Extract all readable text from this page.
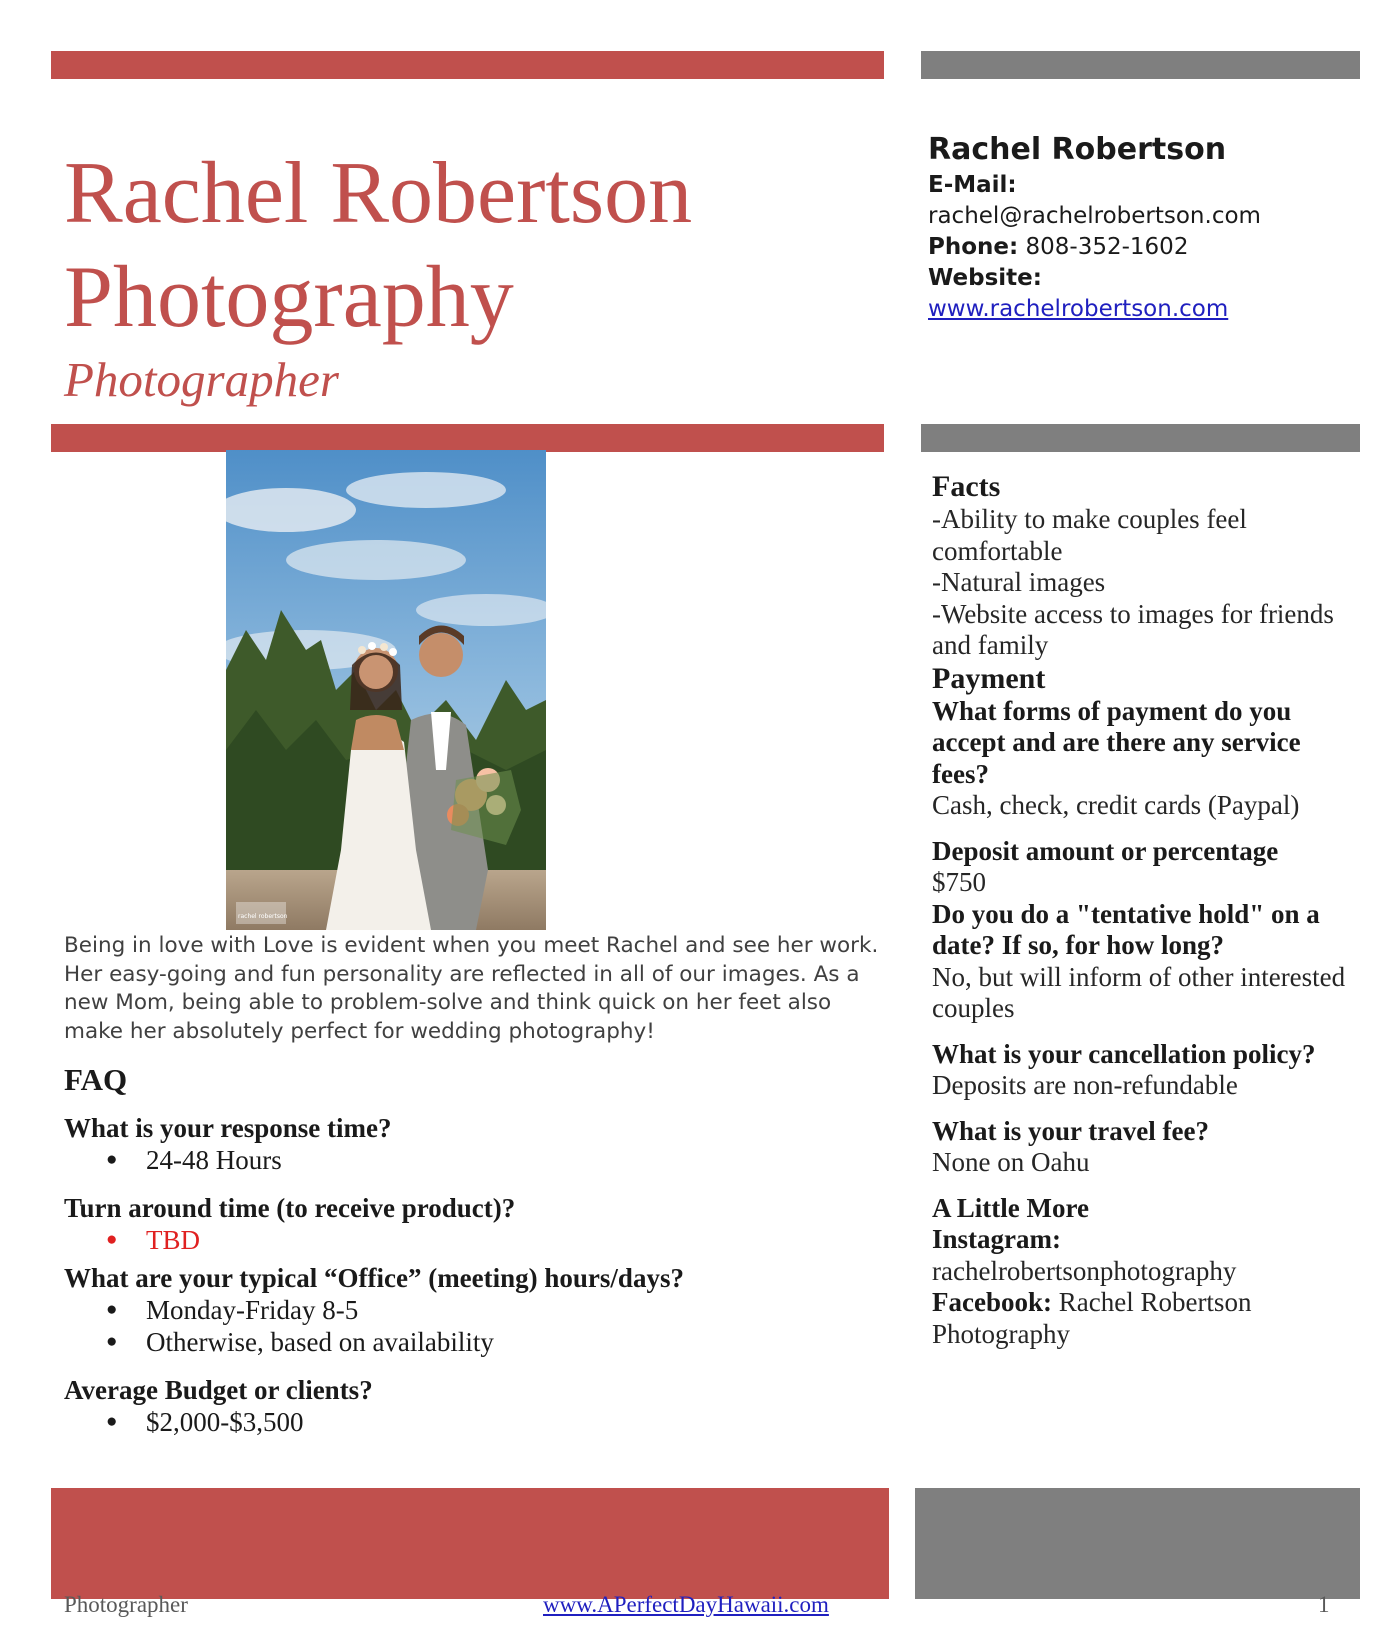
Rachel Robertson
Photography
Photographer
Rachel Robertson
E-Mail:
rachel@rachelrobertson.com
Phone: 808-352-1602
Website:
www.rachelrobertson.com
rachel robertson

Being in love with Love is evident when you meet Rachel and see her work. Her easy-going and fun personality are reflected in all of our images. As a new Mom, being able to problem-solve and think quick on her feet also make her absolutely perfect for wedding photography!

FAQ

What is your response time?

● 24-48 Hours

Turn around time (to receive product)?

● TBD

What are your typical “Office” (meeting) hours/days?

● Monday-Friday 8-5
● Otherwise, based on availability

Average Budget or clients?

● $2,000-$3,500
Facts

-Ability to make couples feel comfortable

-Natural images

-Website access to images for friends and family

Payment

What forms of payment do you accept and are there any service fees?

Cash, check, credit cards (Paypal)

Deposit amount or percentage

$750

Do you do a "tentative hold" on a date? If so, for how long?

No, but will inform of other interested couples

What is your cancellation policy?

Deposits are non-refundable

What is your travel fee?

None on Oahu

A Little More

Instagram:

rachelrobertsonphotography

Facebook: Rachel Robertson Photography

Photographer	www.APerfectDayHawaii.com	1
